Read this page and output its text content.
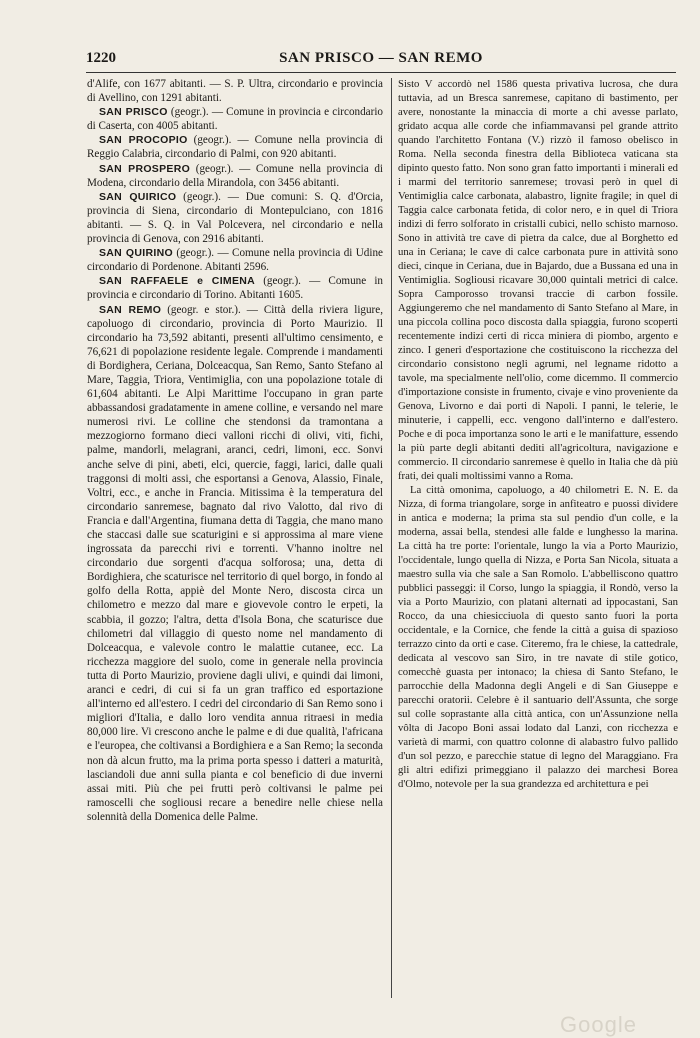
1220	SAN PRISCO — SAN REMO

d'Alife, con 1677 abitanti. — S. P. Ultra, circondario e provincia di Avellino, con 1291 abitanti.

SAN PRISCO (geogr.). — Comune in provincia e circondario di Caserta, con 4005 abitanti.

SAN PROCOPIO (geogr.). — Comune nella provincia di Reggio Calabria, circondario di Palmi, con 920 abitanti.

SAN PROSPERO (geogr.). — Comune nella provincia di Modena, circondario della Mirandola, con 3456 abitanti.

SAN QUIRICO (geogr.). — Due comuni: S. Q. d'Orcia, provincia di Siena, circondario di Montepulciano, con 1816 abitanti. — S. Q. in Val Polcevera, nel circondario e nella provincia di Genova, con 2916 abitanti.

SAN QUIRINO (geogr.). — Comune nella provincia di Udine circondario di Pordenone. Abitanti 2596.

SAN RAFFAELE e CIMENA (geogr.). — Comune in provincia e circondario di Torino. Abitanti 1605.

SAN REMO (geogr. e stor.). — Città della riviera ligure, capoluogo di circondario, provincia di Porto Maurizio. Il circondario ha 73,592 abitanti, presenti all'ultimo censimento, e 76,621 di popolazione residente legale. Comprende i mandamenti di Bordighera, Ceriana, Dolceacqua, San Remo, Santo Stefano al Mare, Taggia, Triora, Ventimiglia, con una popolazione totale di 61,604 abitanti. Le Alpi Marittime l'occupano in gran parte abbassandosi gradatamente in amene colline, e versando nel mare numerosi rivi. Le colline che stendonsi da tramontana a mezzogiorno formano dieci valloni ricchi di olivi, viti, fichi, palme, mandorli, melagrani, aranci, cedri, limoni, ecc. Sonvi anche selve di pini, abeti, elci, quercie, faggi, larici, dalle quali traggonsi di molti assi, che esportansi a Genova, Alassio, Finale, Voltri, ecc., e anche in Francia. Mitissima è la temperatura del circondario sanremese, bagnato dal rivo Valotto, dal rivo di Francia e dall'Argentina, fiumana detta di Taggia, che mano mano che staccasi dalle sue scaturigini e si approssima al mare viene ingrossata da parecchi rivi e torrenti. V'hanno inoltre nel circondario due sorgenti d'acqua solforosa; una, detta di Bordighiera, che scaturisce nel territorio di quel borgo, in fondo al golfo della Rotta, appiè del Monte Nero, discosta circa un chilometro e mezzo dal mare e giovevole contro le erpeti, la scabbia, il gozzo; l'altra, detta d'Isola Bona, che scaturisce due chilometri dal villaggio di questo nome nel mandamento di Dolceacqua, e valevole contro le malattie cutanee, ecc. La ricchezza maggiore del suolo, come in generale nella provincia tutta di Porto Maurizio, proviene dagli ulivi, e quindi dai limoni, aranci e cedri, di cui si fa un gran traffico ed esportazione all'interno ed all'estero. I cedri del circondario di San Remo sono i migliori d'Italia, e dallo loro vendita annua ritraesi in media 80,000 lire. Vi crescono anche le palme e di due qualità, l'africana e l'europea, che coltivansi a Bordighiera e a San Remo; la seconda non dà alcun frutto, ma la prima porta spesso i datteri a maturità, lasciandoli due anni sulla pianta e col beneficio di due inverni assai miti. Più che pei frutti però coltivansi le palme pei ramoscelli che sogliousi recare a benedire nelle chiese nella solennità della Domenica delle Palme.

Sisto V accordò nel 1586 questa privativa lucrosa, che dura tuttavia, ad un Bresca sanremese, capitano di bastimento, per avere, nonostante la minaccia di morte a chi avesse parlato, gridato acqua alle corde che infiammavansi pel grande attrito quando l'architetto Fontana (V.) rizzò il famoso obelisco in Roma. Nella seconda finestra della Biblioteca vaticana sta dipinto questo fatto. Non sono gran fatto importanti i minerali ed i marmi del territorio sanremese; trovasi però in quel di Ventimiglia calce carbonata, alabastro, lignite fragile; in quel di Taggia calce carbonata fetida, di color nero, e in quel di Triora indizi di ferro solforato in cristalli cubici, nello schisto marnoso. Sono in attività tre cave di pietra da calce, due al Borghetto ed una in Ceriana; le cave di calce carbonata pure in attività sono dieci, cinque in Ceriana, due in Bajardo, due a Bussana ed una in Ventimiglia. Sogliousi ricavare 30,000 quintali metrici di calce. Sopra Camporosso trovansi traccie di carbon fossile. Aggiungeremo che nel mandamento di Santo Stefano al Mare, in una piccola collina poco discosta dalla spiaggia, furono scoperti recentemente indizi certi di ricca miniera di piombo, argento e zinco. I generi d'esportazione che costituiscono la ricchezza del circondario consistono negli agrumi, nel legname ridotto a tavole, ma specialmente nell'olio, come dicemmo. Il commercio d'importazione consiste in frumento, civaje e vino proveniente da Genova, Livorno e dai porti di Napoli. I panni, le telerie, le minuterie, i cappelli, ecc. vengono dall'interno e dall'estero. Poche e di poca importanza sono le arti e le manifatture, essendo la più parte degli abitanti dediti all'agricoltura, navigazione e commercio. Il circondario sanremese è quello in Italia che dà più frati, dei quali moltissimi vanno a Roma.

La città omonima, capoluogo, a 40 chilometri E. N. E. da Nizza, di forma triangolare, sorge in anfiteatro e puossi dividere in antica e moderna; la prima sta sul pendio d'un colle, e la moderna, assai bella, stendesi alle falde e lunghesso la marina. La città ha tre porte: l'orientale, lungo la via a Porto Maurizio, l'occidentale, lungo quella di Nizza, e Porta San Nicola, situata a maestro sulla via che sale a San Romolo. L'abbelliscono quattro pubblici passeggi: il Corso, lungo la spiaggia, il Rondò, verso la via a Porto Maurizio, con platani alternati ad ippocastani, San Rocco, da una chiesicciuola di questo santo fuori la porta occidentale, e la Cornice, che fende la città a guisa di spazioso terrazzo cinto da orti e case. Citeremo, fra le chiese, la cattedrale, dedicata al vescovo san Siro, in tre navate di stile gotico, comecchè guasta per intonaco; la chiesa di Santo Stefano, le parrocchie della Madonna degli Angeli e di San Giuseppe e parecchi oratorii. Celebre è il santuario dell'Assunta, che sorge sul colle soprastante alla città antica, con un'Assunzione nella vôlta di Jacopo Boni assai lodato dal Lanzi, con ricchezza e varietà di marmi, con quattro colonne di alabastro fulvo pallido d'un sol pezzo, e parecchie statue di legno del Maraggiano. Fra gli altri edifizi primeggiano il palazzo dei marchesi Borea d'Olmo, notevole per la sua grandezza ed architettura e pei

Google
